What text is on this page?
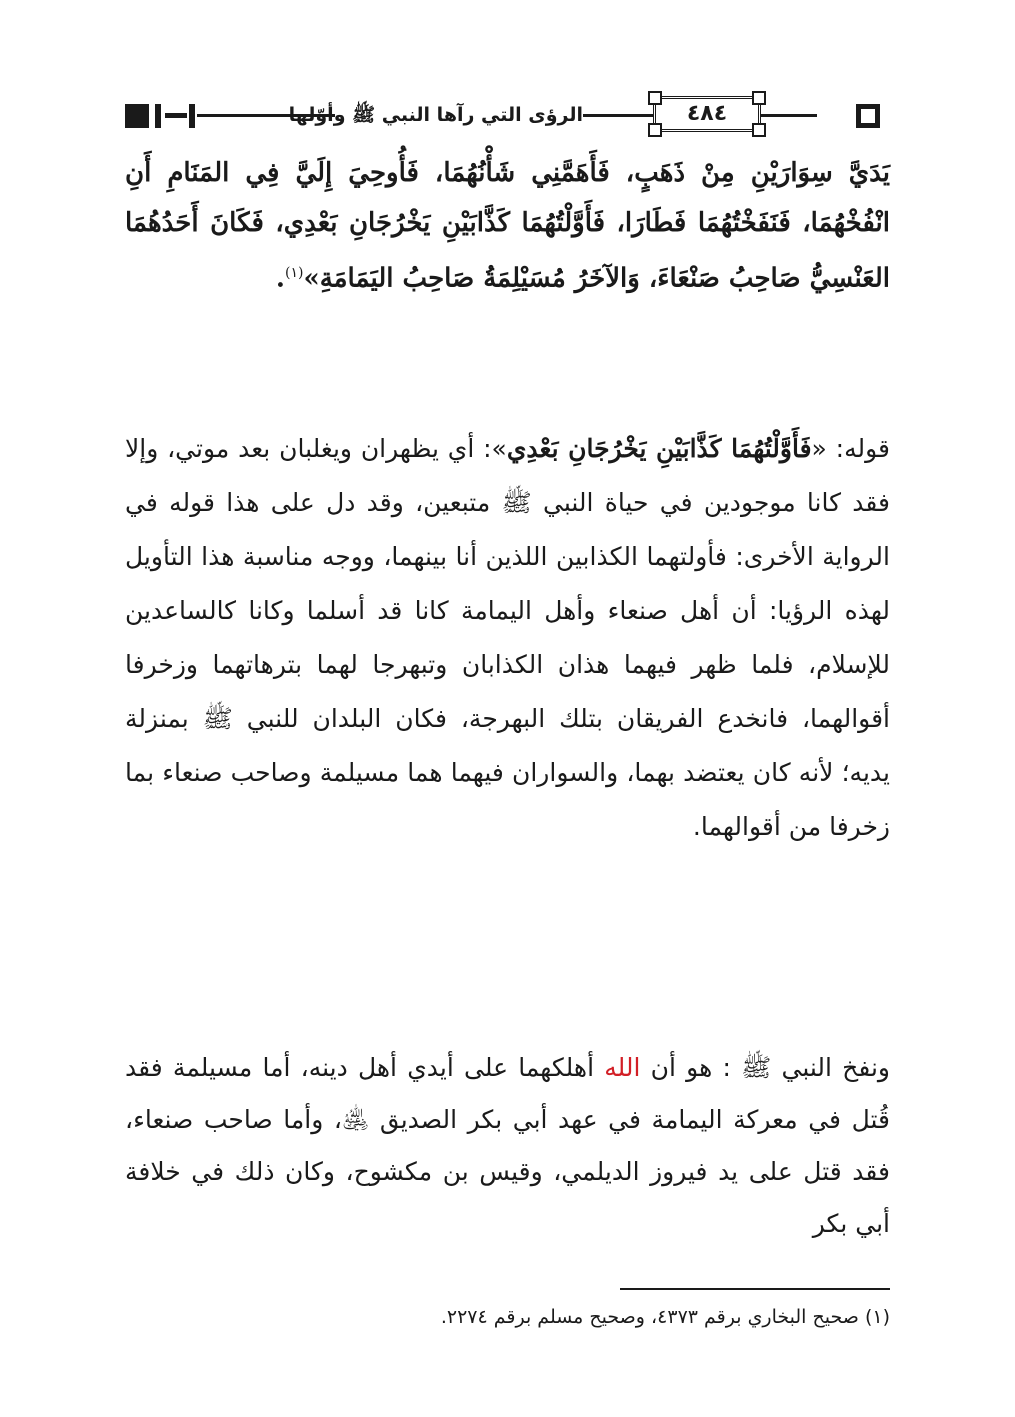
الرؤى التي رآها النبي ﷺ وأوّلها	٤٨٤

يَدَيَّ سِوَارَيْنِ مِنْ ذَهَبٍ، فَأَهَمَّنِي شَأْنُهُمَا، فَأُوحِيَ إِلَيَّ فِي المَنَامِ أَنِ انْفُخْهُمَا، فَنَفَخْتُهُمَا فَطَارَا، فَأَوَّلْتُهُمَا كَذَّابَيْنِ يَخْرُجَانِ بَعْدِي، فَكَانَ أَحَدُهُمَا العَنْسِيُّ صَاحِبُ صَنْعَاءَ، وَالآخَرُ مُسَيْلِمَةُ صَاحِبُ اليَمَامَةِ»$^{(١)}$.

قوله: «فَأَوَّلْتُهُمَا كَذَّابَيْنِ يَخْرُجَانِ بَعْدِي»: أي يظهران ويغلبان بعد موتي، وإلا فقد كانا موجودين في حياة النبي ﷺ متبعين، وقد دل على هذا قوله في الرواية الأخرى: فأولتهما الكذابين اللذين أنا بينهما، ووجه مناسبة هذا التأويل لهذه الرؤيا: أن أهل صنعاء وأهل اليمامة كانا قد أسلما وكانا كالساعدين للإسلام، فلما ظهر فيهما هذان الكذابان وتبهرجا لهما بترهاتهما وزخرفا أقوالهما، فانخدع الفريقان بتلك البهرجة، فكان البلدان للنبي ﷺ بمنزلة يديه؛ لأنه كان يعتضد بهما، والسواران فيهما هما مسيلمة وصاحب صنعاء بما زخرفا من أقوالهما.

ونفخ النبي ﷺ : هو أن الله أهلكهما على أيدي أهل دينه، أما مسيلمة فقد قُتل في معركة اليمامة في عهد أبي بكر الصديق ﵁، وأما صاحب صنعاء، فقد قتل على يد فيروز الديلمي، وقيس بن مكشوح، وكان ذلك في خلافة أبي بكر

(١) صحيح البخاري برقم ٤٣٧٣، وصحيح مسلم برقم ٢٢٧٤.
